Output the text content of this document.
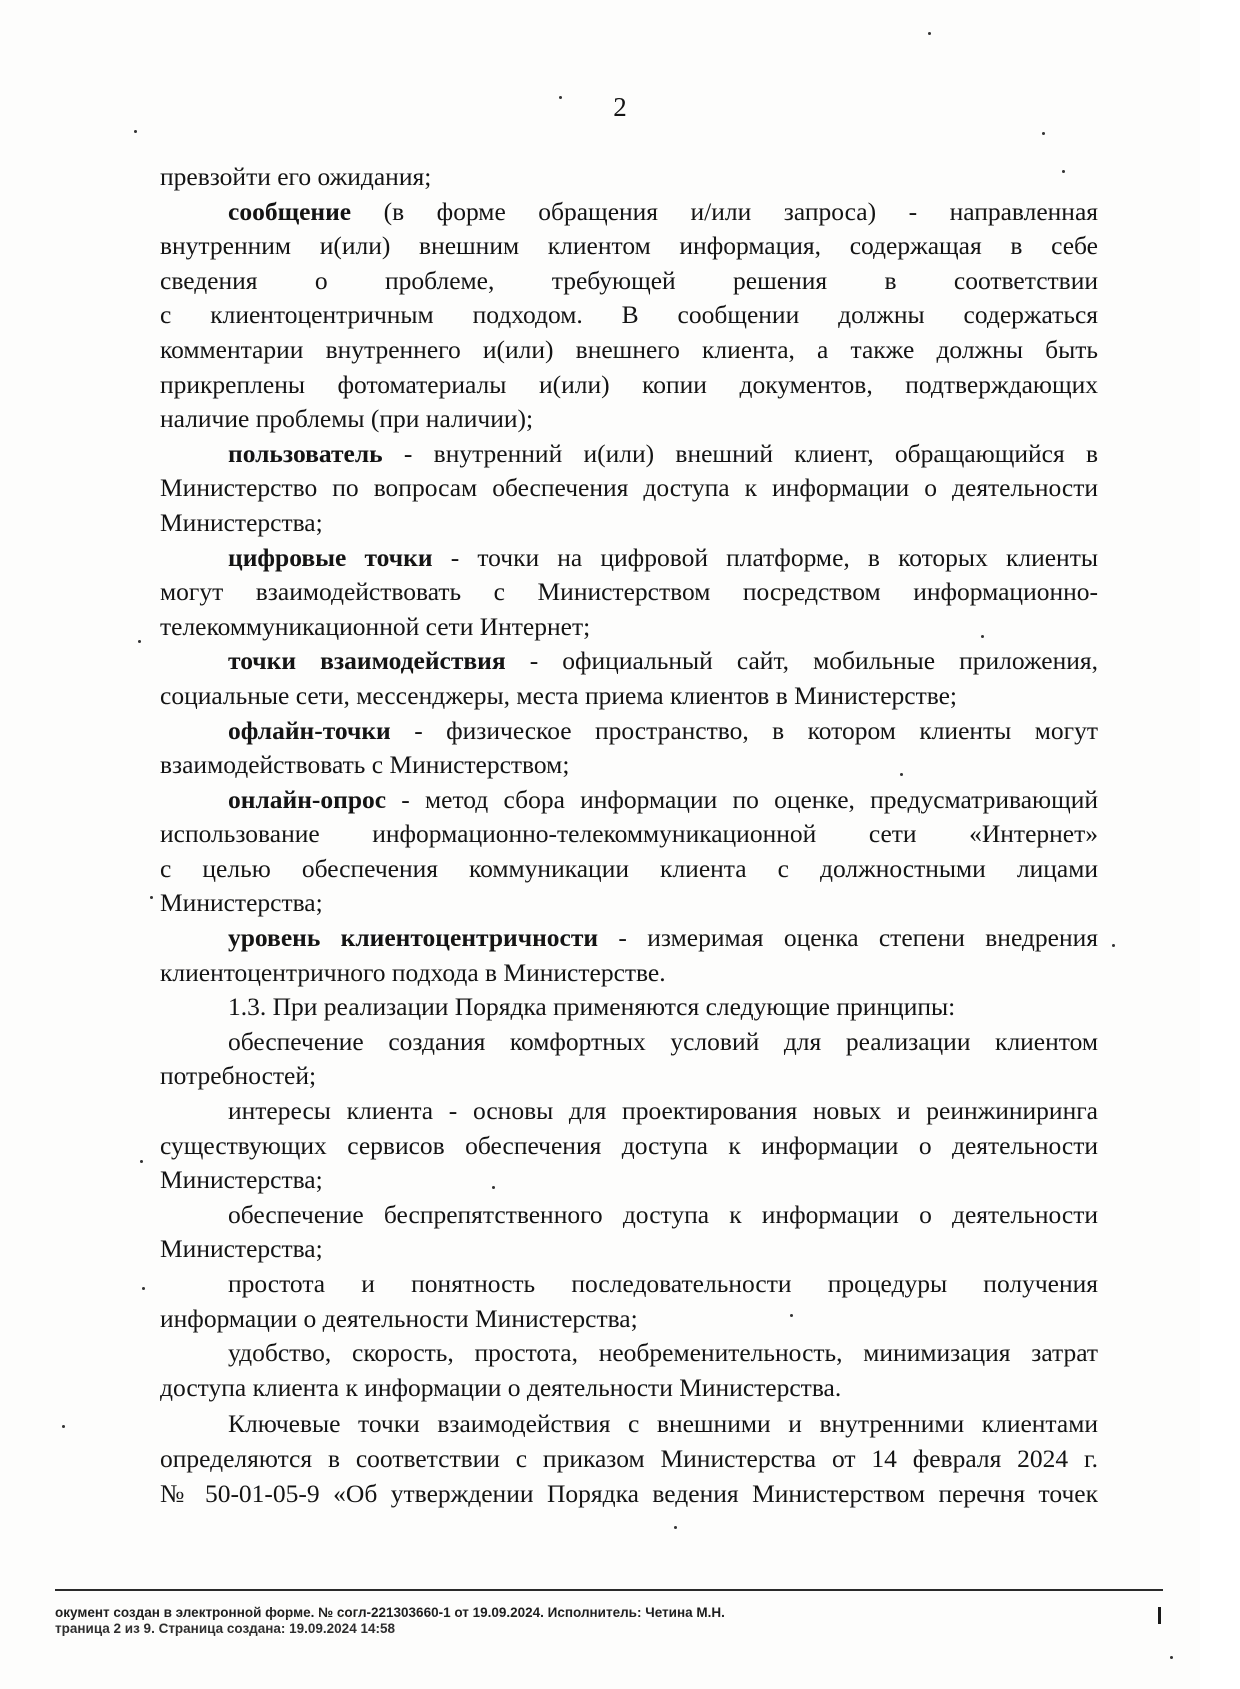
2
превзойти его ожидания;
сообщение (в форме обращения и/или запроса) - направленная
внутренним и(или) внешним клиентом информация, содержащая в себе
сведения о проблеме, требующей решения в соответствии
с клиентоцентричным подходом. В сообщении должны содержаться
комментарии внутреннего и(или) внешнего клиента, а также должны быть
прикреплены фотоматериалы и(или) копии документов, подтверждающих
наличие проблемы (при наличии);
пользователь - внутренний и(или) внешний клиент, обращающийся в
Министерство по вопросам обеспечения доступа к информации о деятельности
Министерства;
цифровые точки - точки на цифровой платформе, в которых клиенты
могут взаимодействовать с Министерством посредством информационно-
телекоммуникационной сети Интернет;
точки взаимодействия - официальный сайт, мобильные приложения,
социальные сети, мессенджеры, места приема клиентов в Министерстве;
офлайн-точки - физическое пространство, в котором клиенты могут
взаимодействовать с Министерством;
онлайн-опрос - метод сбора информации по оценке, предусматривающий
использование информационно-телекоммуникационной сети «Интернет»
с целью обеспечения коммуникации клиента с должностными лицами
Министерства;
уровень клиентоцентричности - измеримая оценка степени внедрения
клиентоцентричного подхода в Министерстве.
1.3. При реализации Порядка применяются следующие принципы:
обеспечение создания комфортных условий для реализации клиентом
потребностей;
интересы клиента - основы для проектирования новых и реинжиниринга
существующих сервисов обеспечения доступа к информации о деятельности
Министерства;
обеспечение беспрепятственного доступа к информации о деятельности
Министерства;
простота и понятность последовательности процедуры получения
информации о деятельности Министерства;
удобство, скорость, простота, необременительность, минимизация затрат
доступа клиента к информации о деятельности Министерства.
Ключевые точки взаимодействия с внешними и внутренними клиентами
определяются в соответствии с приказом Министерства от 14 февраля 2024 г.
№ 50-01-05-9 «Об утверждении Порядка ведения Министерством перечня точек
окумент создан в электронной форме. № согл-221303660-1 от 19.09.2024. Исполнитель: Четина М.Н.
траница 2 из 9. Страница создана: 19.09.2024 14:58
